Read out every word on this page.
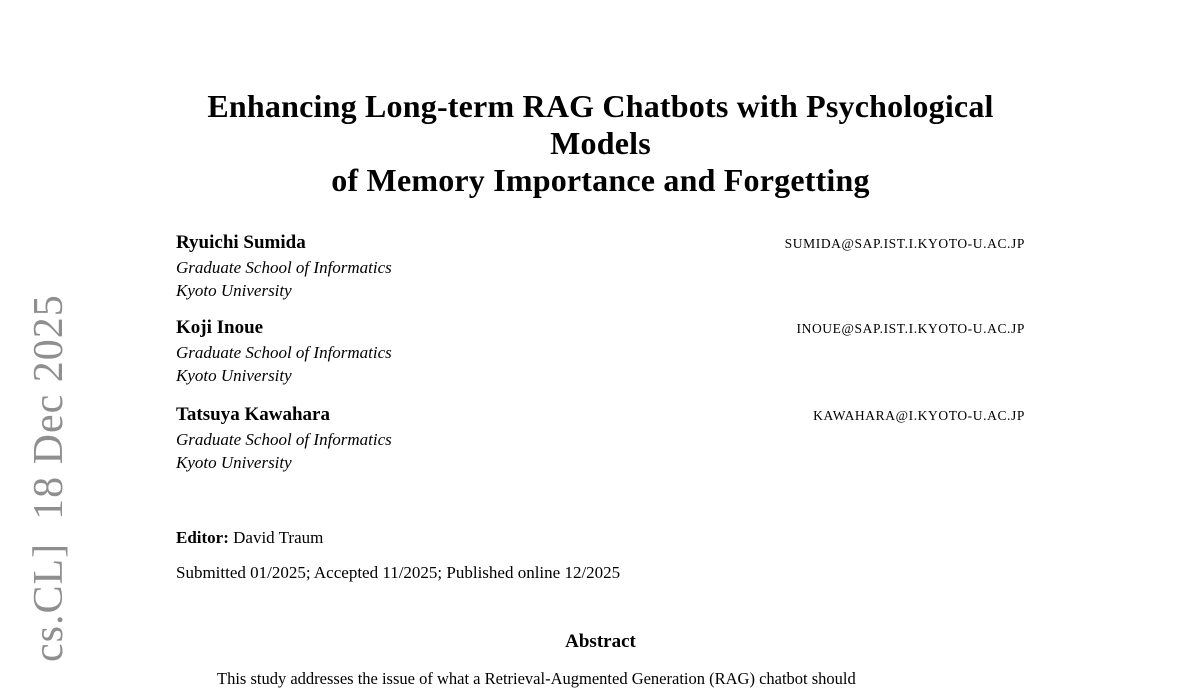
cs.CL]  18 Dec 2025
Enhancing Long-term RAG Chatbots with Psychological Models
of Memory Importance and Forgetting
Ryuichi Sumida	SUMIDA@SAP.IST.I.KYOTO-U.AC.JP
Graduate School of Informatics
Kyoto University
Koji Inoue	INOUE@SAP.IST.I.KYOTO-U.AC.JP
Graduate School of Informatics
Kyoto University
Tatsuya Kawahara	KAWAHARA@I.KYOTO-U.AC.JP
Graduate School of Informatics
Kyoto University
Editor: David Traum
Submitted 01/2025; Accepted 11/2025; Published online 12/2025
Abstract

This study addresses the issue of what a Retrieval-Augmented Generation (RAG) chatbot should
